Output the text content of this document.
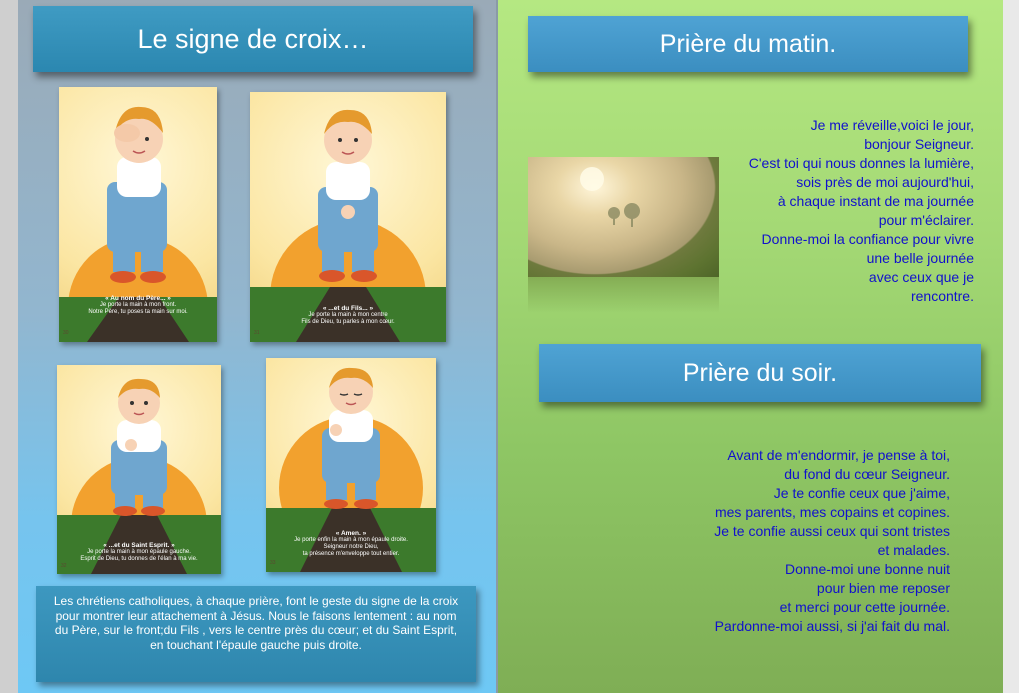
Le signe de croix…
« Au nom du Père... »
Je porte la main à mon front.
Notre Père, tu poses ta main sur moi.
30
« ...et du Fils... »
Je porte la main à mon centre
Fils de Dieu, tu parles à mon cœur.
31
« ...et du Saint Esprit. »
Je porte la main à mon épaule gauche.
Esprit de Dieu, tu donnes de l'élan à ma vie.
32
« Amen. »
Je porte enfin la main à mon épaule droite.
Seigneur notre Dieu,
ta présence m'enveloppe tout entier.
33
Les chrétiens catholiques, à chaque prière, font le geste du signe de la croix pour montrer leur attachement à Jésus. Nous le faisons lentement : au nom du Père, sur le front;du Fils , vers le centre près du cœur; et du Saint Esprit, en touchant l'épaule gauche puis droite.
Prière du matin.
Je me réveille,voici le jour,
bonjour Seigneur.
C'est toi qui nous donnes la lumière,
sois près de moi aujourd'hui,
à chaque instant de ma journée
pour m'éclairer.
Donne-moi la confiance pour vivre
une belle journée
avec ceux que je
rencontre.
Prière du soir.
Avant de m'endormir, je pense à toi,
du fond du cœur Seigneur.
Je te confie ceux que j'aime,
mes parents, mes copains et copines.
Je te confie aussi ceux qui sont tristes
et malades.
Donne-moi une bonne nuit
pour bien me reposer
et merci pour cette journée.
Pardonne-moi aussi, si j'ai fait du mal.
